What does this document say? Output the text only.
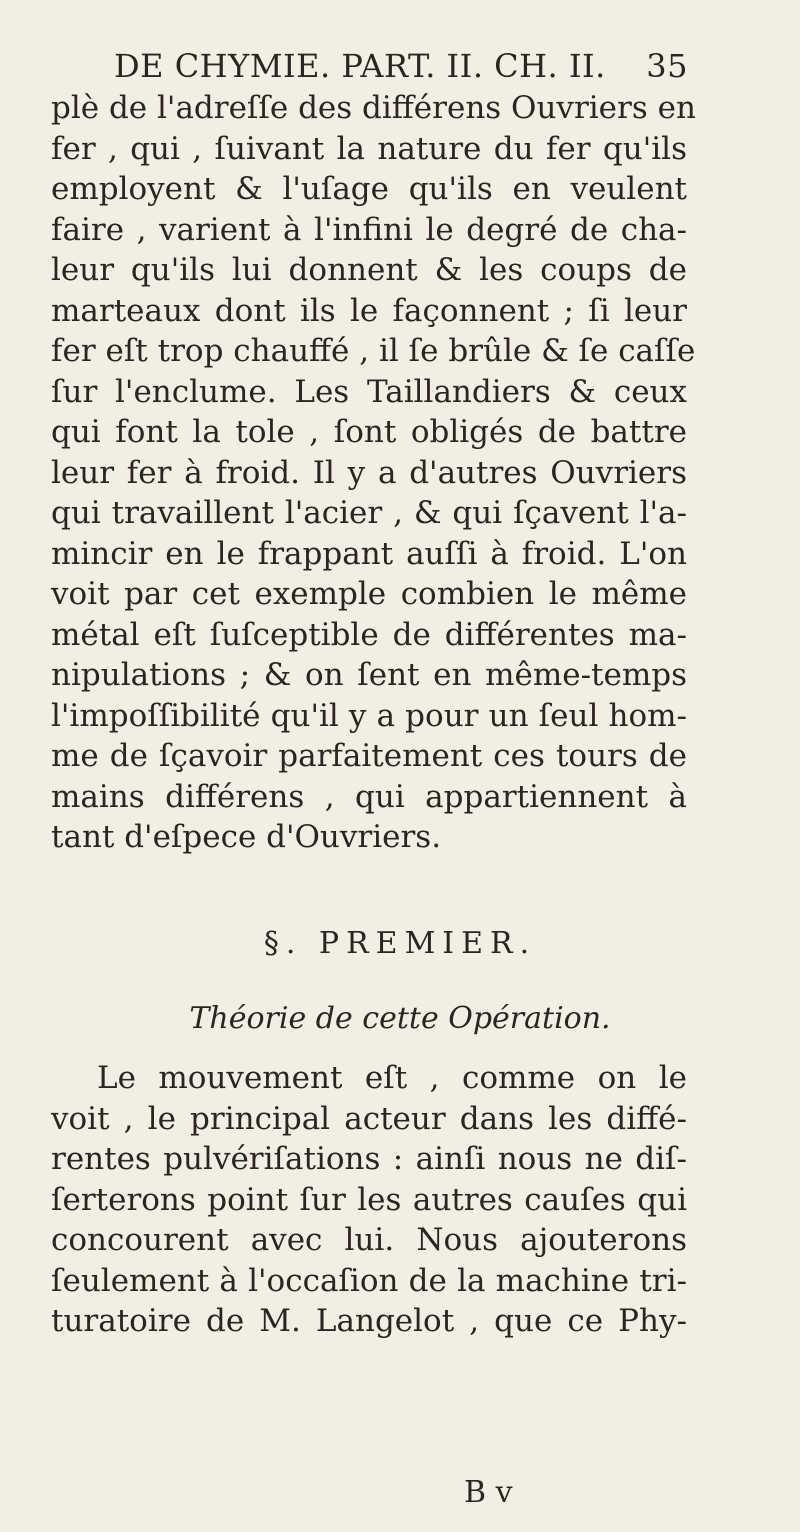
DE CHYMIE. PART. II. CH. II. 35
plè de l'adreſſe des différens Ouvriers en
fer , qui , ſuivant la nature du fer qu'ils
employent & l'uſage qu'ils en veulent
faire , varient à l'infini le degré de cha-
leur qu'ils lui donnent & les coups de
marteaux dont ils le façonnent ; ſi leur
fer eſt trop chauffé , il ſe brûle & ſe caſſe
ſur l'enclume. Les Taillandiers & ceux
qui font la tole , ſont obligés de battre
leur fer à froid. Il y a d'autres Ouvriers
qui travaillent l'acier , & qui ſçavent l'a-
mincir en le frappant auſſi à froid. L'on
voit par cet exemple combien le même
métal eſt ſuſceptible de différentes ma-
nipulations ; & on ſent en même-temps
l'impoſſibilité qu'il y a pour un ſeul hom-
me de ſçavoir parfaitement ces tours de
mains différens , qui appartiennent à
tant d'eſpece d'Ouvriers.
§. PREMIER.
Théorie de cette Opération.
Le mouvement eſt , comme on le
voit , le principal acteur dans les diffé-
rentes pulvériſations : ainſi nous ne diſ-
ſerterons point ſur les autres cauſes qui
concourent avec lui. Nous ajouterons
ſeulement à l'occaſion de la machine tri-
turatoire de M. Langelot , que ce Phy-
B v
